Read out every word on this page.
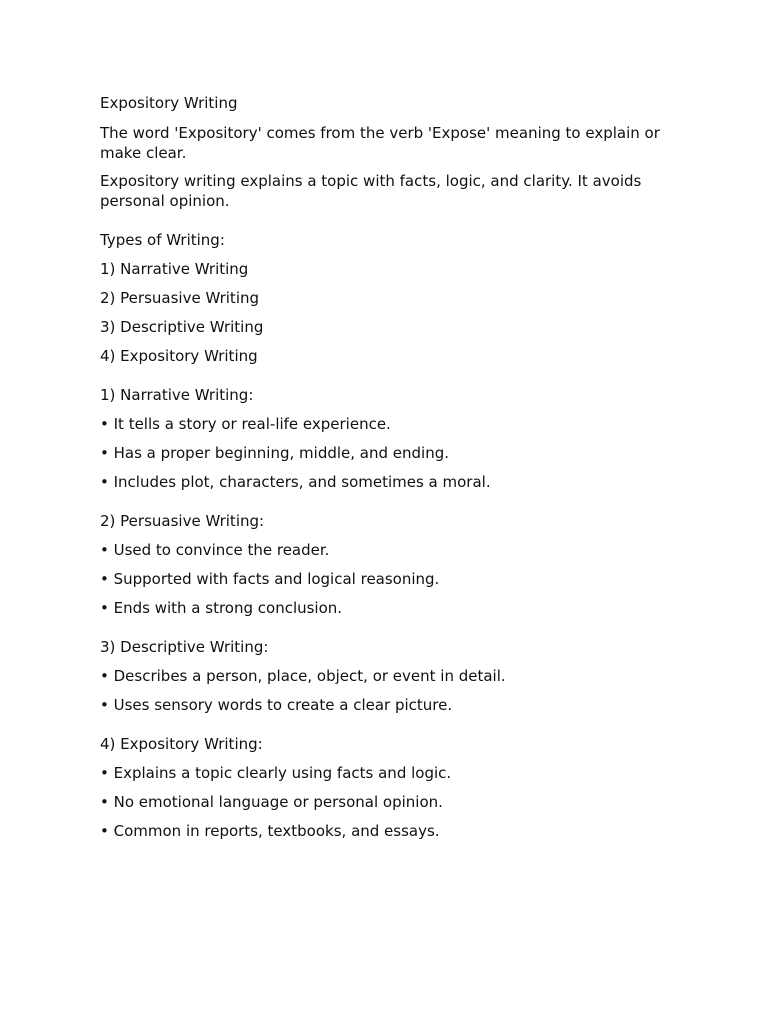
Expository Writing
The word 'Expository' comes from the verb 'Expose' meaning to explain or make clear.
Expository writing explains a topic with facts, logic, and clarity. It avoids personal opinion.
Types of Writing:
1) Narrative Writing
2) Persuasive Writing
3) Descriptive Writing
4) Expository Writing
1) Narrative Writing:
• It tells a story or real-life experience.
• Has a proper beginning, middle, and ending.
• Includes plot, characters, and sometimes a moral.
2) Persuasive Writing:
• Used to convince the reader.
• Supported with facts and logical reasoning.
• Ends with a strong conclusion.
3) Descriptive Writing:
• Describes a person, place, object, or event in detail.
• Uses sensory words to create a clear picture.
4) Expository Writing:
• Explains a topic clearly using facts and logic.
• No emotional language or personal opinion.
• Common in reports, textbooks, and essays.
